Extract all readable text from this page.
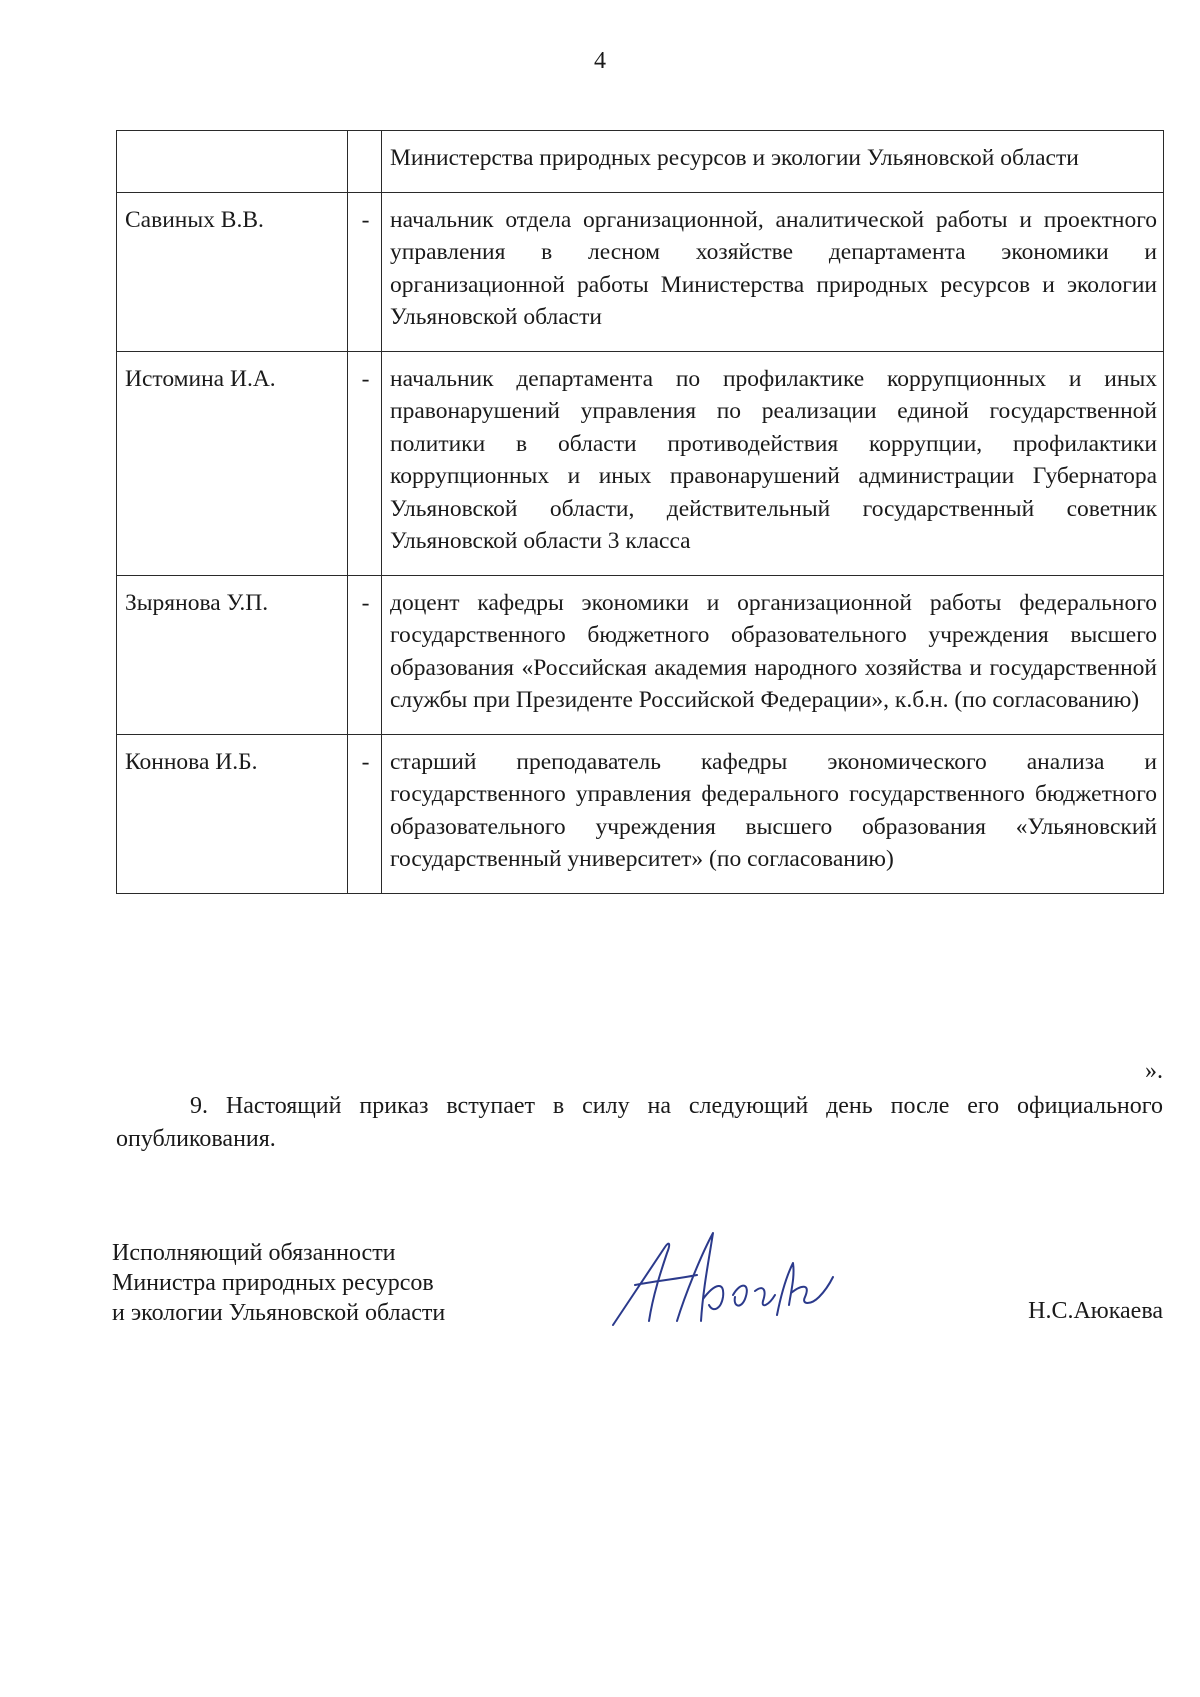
4
		Министерства природных ресурсов и экологии Ульяновской области
Савиных В.В.	-	начальник отдела организационной, аналитической работы и проектного управления в лесном хозяйстве департамента экономики и организационной работы Министерства природных ресурсов и экологии Ульяновской области
Истомина И.А.	-	начальник департамента по профилактике коррупционных и иных правонарушений управления по реализации единой государственной политики в области противодействия коррупции, профилактики коррупционных и иных правонарушений администрации Губернатора Ульяновской области, действительный государственный советник Ульяновской области 3 класса
Зырянова У.П.	-	доцент кафедры экономики и организационной работы федерального государственного бюджетного образовательного учреждения высшего образования «Российская академия народного хозяйства и государственной службы при Президенте Российской Федерации», к.б.н. (по согласованию)
Коннова И.Б.	-	старший преподаватель кафедры экономического анализа и государственного управления федерального государственного бюджетного образовательного учреждения высшего образования «Ульяновский государственный университет» (по согласованию)
».

9. Настоящий приказ вступает в силу на следующий день после его официального опубликования.

Исполняющий обязанности
Министра природных ресурсов
и экологии Ульяновской области	Н.С.Аюкаева
